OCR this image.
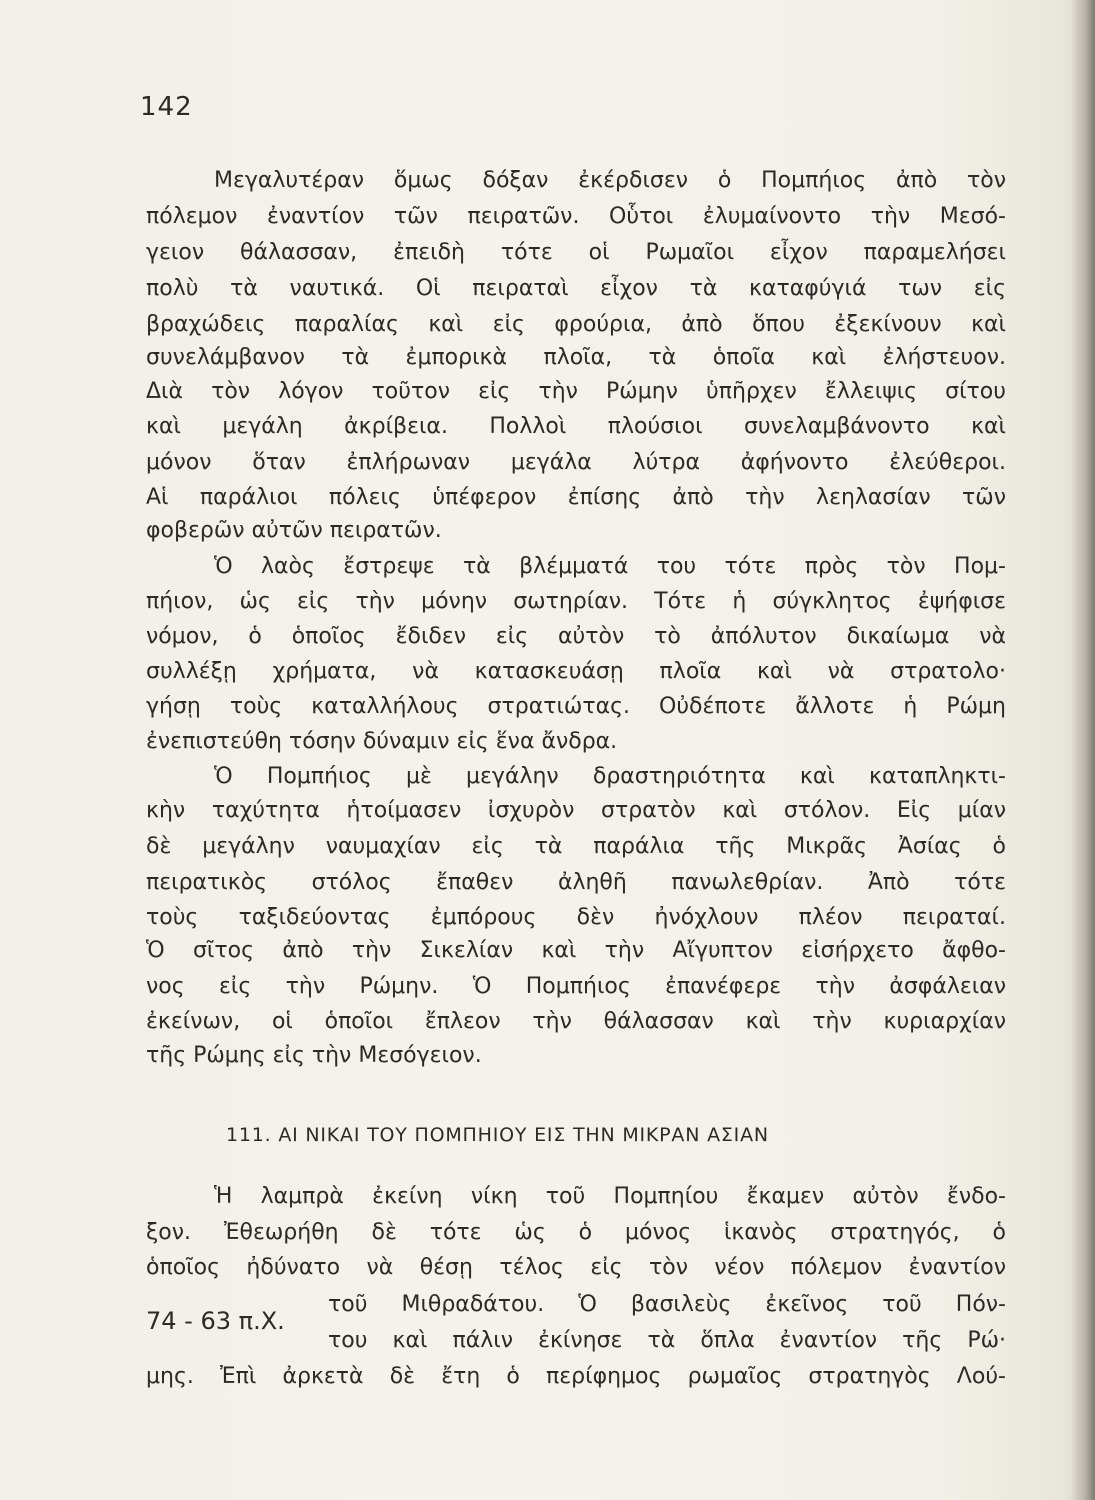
142

Μεγαλυτέραν ὅμως δόξαν ἐκέρδισεν ὁ Πομπήιος ἀπὸ τὸν

πόλεμον ἐναντίον τῶν πειρατῶν. Οὗτοι ἐλυμαίνοντο τὴν Μεσό-

γειον θάλασσαν, ἐπειδὴ τότε οἱ Ρωμαῖοι εἶχον παραμελήσει

πολὺ τὰ ναυτικά. Οἱ πειραταὶ εἶχον τὰ καταφύγιά των εἰς

βραχώδεις παραλίας καὶ εἰς φρούρια, ἀπὸ ὅπου ἐξεκίνουν καὶ

συνελάμβανον τὰ ἐμπορικὰ πλοῖα, τὰ ὁποῖα καὶ ἐλήστευον.

Διὰ τὸν λόγον τοῦτον εἰς τὴν Ρώμην ὑπῆρχεν ἔλλειψις σίτου

καὶ μεγάλη ἀκρίβεια. Πολλοὶ πλούσιοι συνελαμβάνοντο καὶ

μόνον ὅταν ἐπλήρωναν μεγάλα λύτρα ἀφήνοντο ἐλεύθεροι.

Αἱ παράλιοι πόλεις ὑπέφερον ἐπίσης ἀπὸ τὴν λεηλασίαν τῶν

φοβερῶν αὐτῶν πειρατῶν.

Ὁ λαὸς ἔστρεψε τὰ βλέμματά του τότε πρὸς τὸν Πομ-

πήιον, ὡς εἰς τὴν μόνην σωτηρίαν. Τότε ἡ σύγκλητος ἐψήφισε

νόμον, ὁ ὁποῖος ἔδιδεν εἰς αὐτὸν τὸ ἀπόλυτον δικαίωμα νὰ

συλλέξῃ χρήματα, νὰ κατασκευάσῃ πλοῖα καὶ νὰ στρατολο·

γήσῃ τοὺς καταλλήλους στρατιώτας. Οὐδέποτε ἄλλοτε ἡ Ρώμη

ἐνεπιστεύθη τόσην δύναμιν εἰς ἕνα ἄνδρα.

Ὁ Πομπήιος μὲ μεγάλην δραστηριότητα καὶ καταπληκτι-

κὴν ταχύτητα ἡτοίμασεν ἰσχυρὸν στρατὸν καὶ στόλον. Εἰς μίαν

δὲ μεγάλην ναυμαχίαν εἰς τὰ παράλια τῆς Μικρᾶς Ἀσίας ὁ

πειρατικὸς στόλος ἔπαθεν ἀληθῆ πανωλεθρίαν. Ἀπὸ τότε

τοὺς ταξιδεύοντας ἐμπόρους δὲν ἠνόχλουν πλέον πειραταί.

Ὁ σῖτος ἀπὸ τὴν Σικελίαν καὶ τὴν Αἴγυπτον εἰσήρχετο ἄφθο-

νος εἰς τὴν Ρώμην. Ὁ Πομπήιος ἐπανέφερε τὴν ἀσφάλειαν

ἐκείνων, οἱ ὁποῖοι ἔπλεον τὴν θάλασσαν καὶ τὴν κυριαρχίαν

τῆς Ρώμης εἰς τὴν Μεσόγειον.

111. ΑΙ ΝΙΚΑΙ ΤΟΥ ΠΟΜΠΗΙΟΥ ΕΙΣ ΤΗΝ ΜΙΚΡΑΝ ΑΣΙΑΝ

Ἡ λαμπρὰ ἐκείνη νίκη τοῦ Πομπηίου ἔκαμεν αὐτὸν ἔνδο-

ξον. Ἐθεωρήθη δὲ τότε ὡς ὁ μόνος ἱκανὸς στρατηγός, ὁ

ὁποῖος ἠδύνατο νὰ θέσῃ τέλος εἰς τὸν νέον πόλεμον ἐναντίον

74 - 63 π.Χ.

τοῦ Μιθραδάτου. Ὁ βασιλεὺς ἐκεῖνος τοῦ Πόν-

του καὶ πάλιν ἐκίνησε τὰ ὅπλα ἐναντίον τῆς Ρώ·

μης. Ἐπὶ ἀρκετὰ δὲ ἔτη ὁ περίφημος ρωμαῖος στρατηγὸς Λού-
